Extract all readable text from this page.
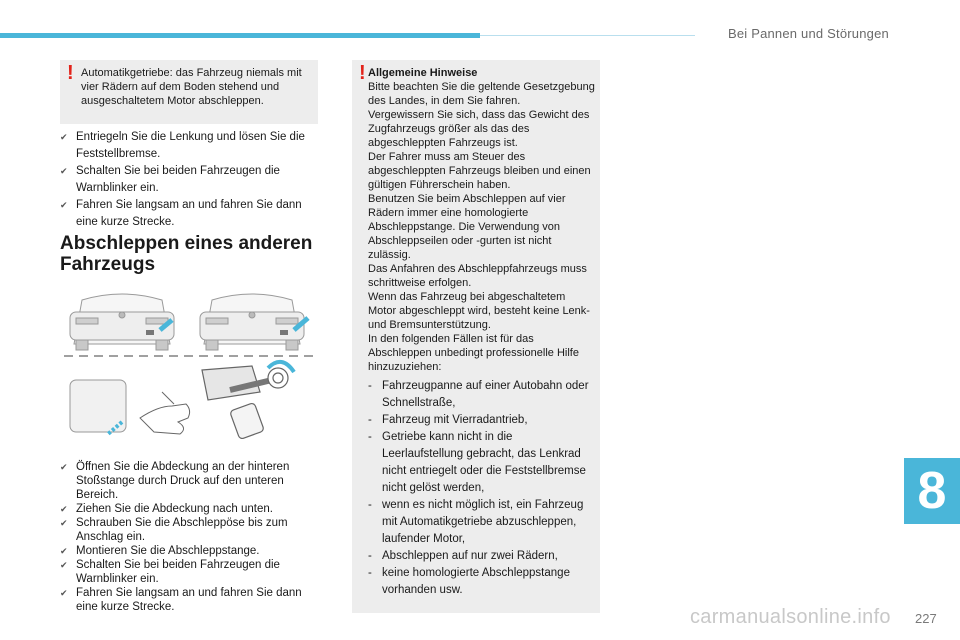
Bei Pannen und Störungen
! Automatikgetriebe: das Fahrzeug niemals mit vier Rädern auf dem Boden stehend und ausgeschaltetem Motor abschleppen.
✔ Entriegeln Sie die Lenkung und lösen Sie die Feststellbremse.
✔ Schalten Sie bei beiden Fahrzeugen die Warnblinker ein.
✔ Fahren Sie langsam an und fahren Sie dann eine kurze Strecke.
Abschleppen eines anderen Fahrzeugs
✔ Öffnen Sie die Abdeckung an der hinteren Stoßstange durch Druck auf den unteren Bereich.
✔ Ziehen Sie die Abdeckung nach unten.
✔ Schrauben Sie die Abschleppöse bis zum Anschlag ein.
✔ Montieren Sie die Abschleppstange.
✔ Schalten Sie bei beiden Fahrzeugen die Warnblinker ein.
✔ Fahren Sie langsam an und fahren Sie dann eine kurze Strecke.
! Allgemeine Hinweise
Bitte beachten Sie die geltende Gesetzgebung des Landes, in dem Sie fahren.
Vergewissern Sie sich, dass das Gewicht des Zugfahrzeugs größer als das des abgeschleppten Fahrzeugs ist.
Der Fahrer muss am Steuer des abgeschleppten Fahrzeugs bleiben und einen gültigen Führerschein haben.
Benutzen Sie beim Abschleppen auf vier Rädern immer eine homologierte Abschleppstange. Die Verwendung von Abschleppseilen oder -gurten ist nicht zulässig.
Das Anfahren des Abschleppfahrzeugs muss schrittweise erfolgen.
Wenn das Fahrzeug bei abgeschaltetem Motor abgeschleppt wird, besteht keine Lenk- und Bremsunterstützung.
In den folgenden Fällen ist für das Abschleppen unbedingt professionelle Hilfe hinzuzuziehen:
- Fahrzeugpanne auf einer Autobahn oder Schnellstraße,
- Fahrzeug mit Vierradantrieb,
- Getriebe kann nicht in die Leerlaufstellung gebracht, das Lenkrad nicht entriegelt oder die Feststellbremse nicht gelöst werden,
- wenn es nicht möglich ist, ein Fahrzeug mit Automatikgetriebe abzuschleppen, laufender Motor,
- Abschleppen auf nur zwei Rädern,
- keine homologierte Abschleppstange vorhanden usw.
8
carmanualsonline.info 227
